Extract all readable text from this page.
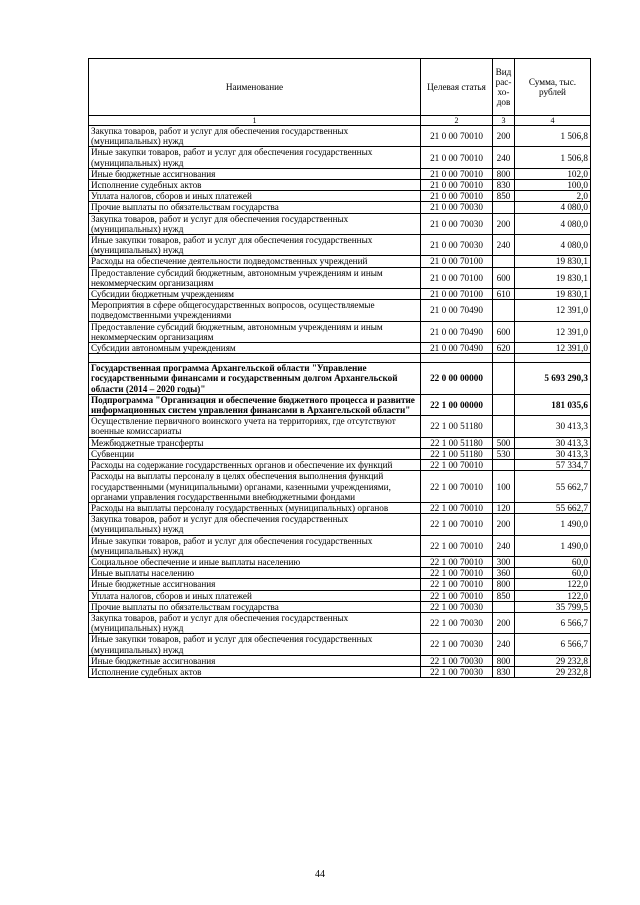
Наименование	Целевая статья	Вид рас-хо-дов	Сумма, тыс. рублей
1	2	3	4
Закупка товаров, работ и услуг для обеспечения государственных (муниципальных) нужд	21 0 00 70010	200	1 506,8
Иные закупки товаров, работ и услуг для обеспечения государственных (муниципальных) нужд	21 0 00 70010	240	1 506,8
Иные бюджетные ассигнования	21 0 00 70010	800	102,0
Исполнение судебных актов	21 0 00 70010	830	100,0
Уплата налогов, сборов и иных платежей	21 0 00 70010	850	2,0
Прочие выплаты по обязательствам государства	21 0 00 70030		4 080,0
Закупка товаров, работ и услуг для обеспечения государственных (муниципальных) нужд	21 0 00 70030	200	4 080,0
Иные закупки товаров, работ и услуг для обеспечения государственных (муниципальных) нужд	21 0 00 70030	240	4 080,0
Расходы на обеспечение деятельности подведомственных учреждений	21 0 00 70100		19 830,1
Предоставление субсидий бюджетным, автономным учреждениям и иным некоммерческим организациям	21 0 00 70100	600	19 830,1
Субсидии бюджетным учреждениям	21 0 00 70100	610	19 830,1
Мероприятия в сфере общегосударственных вопросов, осуществляемые подведомственными учреждениями	21 0 00 70490		12 391,0
Предоставление субсидий бюджетным, автономным учреждениям и иным некоммерческим организациям	21 0 00 70490	600	12 391,0
Субсидии автономным учреждениям	21 0 00 70490	620	12 391,0

Государственная программа Архангельской области "Управление государственными финансами и государственным долгом Архангельской области (2014 – 2020 годы)"	22 0 00 00000		5 693 290,3
Подпрограмма "Организация и обеспечение бюджетного процесса и развитие информационных систем управления финансами в Архангельской области"	22 1 00 00000		181 035,6
Осуществление первичного воинского учета на территориях, где отсутствуют военные комиссариаты	22 1 00 51180		30 413,3
Межбюджетные трансферты	22 1 00 51180	500	30 413,3
Субвенции	22 1 00 51180	530	30 413,3
Расходы на содержание государственных органов и обеспечение их функций	22 1 00 70010		57 334,7
Расходы на выплаты персоналу в целях обеспечения выполнения функций государственными (муниципальными) органами, казенными учреждениями, органами управления государственными внебюджетными фондами	22 1 00 70010	100	55 662,7
Расходы на выплаты персоналу государственных (муниципальных) органов	22 1 00 70010	120	55 662,7
Закупка товаров, работ и услуг для обеспечения государственных (муниципальных) нужд	22 1 00 70010	200	1 490,0
Иные закупки товаров, работ и услуг для обеспечения государственных (муниципальных) нужд	22 1 00 70010	240	1 490,0
Социальное обеспечение и иные выплаты населению	22 1 00 70010	300	60,0
Иные выплаты населению	22 1 00 70010	360	60,0
Иные бюджетные ассигнования	22 1 00 70010	800	122,0
Уплата налогов, сборов и иных платежей	22 1 00 70010	850	122,0
Прочие выплаты по обязательствам государства	22 1 00 70030		35 799,5
Закупка товаров, работ и услуг для обеспечения государственных (муниципальных) нужд	22 1 00 70030	200	6 566,7
Иные закупки товаров, работ и услуг для обеспечения государственных (муниципальных) нужд	22 1 00 70030	240	6 566,7
Иные бюджетные ассигнования	22 1 00 70030	800	29 232,8
Исполнение судебных актов	22 1 00 70030	830	29 232,8
44
